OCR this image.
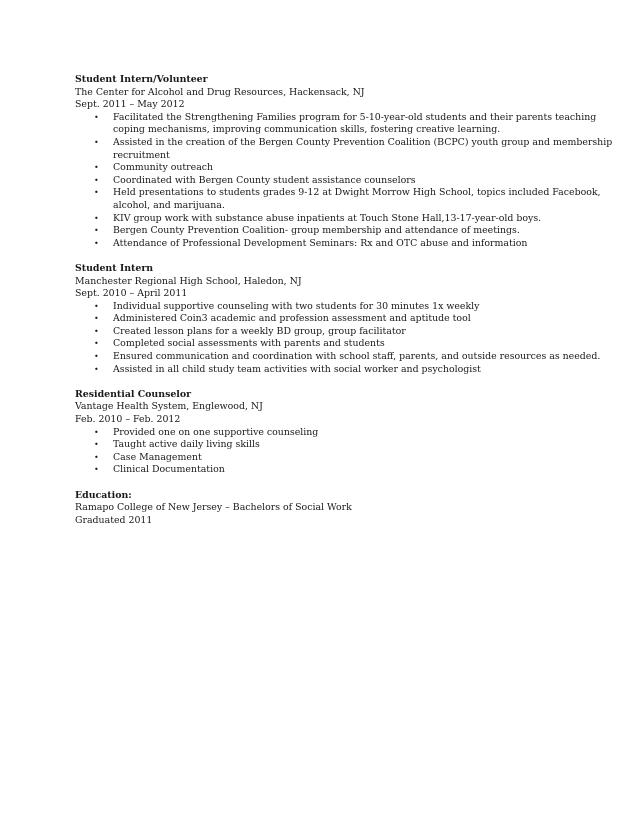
Student Intern/Volunteer

The Center for Alcohol and Drug Resources, Hackensack, NJ

Sept. 2011 – May 2012

• Facilitated the Strengthening Families program for 5-10-year-old students and their parents teaching coping mechanisms, improving communication skills, fostering creative learning.
• Assisted in the creation of the Bergen County Prevention Coalition (BCPC) youth group and membership recruitment
• Community outreach
• Coordinated with Bergen County student assistance counselors
• Held presentations to students grades 9-12 at Dwight Morrow High School, topics included Facebook, alcohol, and marijuana.
• KIV group work with substance abuse inpatients at Touch Stone Hall,13-17-year-old boys.
• Bergen County Prevention Coalition- group membership and attendance of meetings.
• Attendance of Professional Development Seminars: Rx and OTC abuse and information

Student Intern

Manchester Regional High School, Haledon, NJ

Sept. 2010 – April 2011

• Individual supportive counseling with two students for 30 minutes 1x weekly
• Administered Coin3 academic and profession assessment and aptitude tool
• Created lesson plans for a weekly BD group, group facilitator
• Completed social assessments with parents and students
• Ensured communication and coordination with school staff, parents, and outside resources as needed.
• Assisted in all child study team activities with social worker and psychologist

Residential Counselor

Vantage Health System, Englewood, NJ

Feb. 2010 – Feb. 2012

• Provided one on one supportive counseling
• Taught active daily living skills
• Case Management
• Clinical Documentation

Education:

Ramapo College of New Jersey – Bachelors of Social Work

Graduated 2011
